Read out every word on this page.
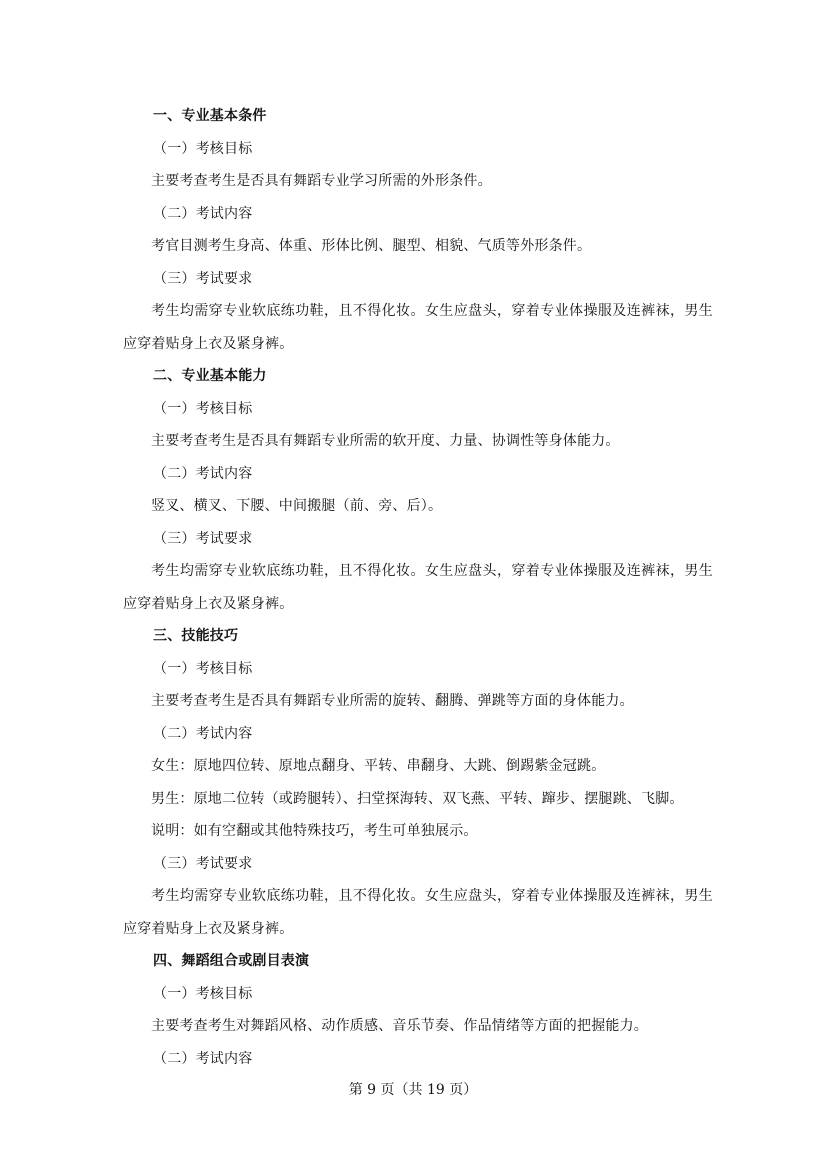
一、专业基本条件
（一）考核目标
主要考查考生是否具有舞蹈专业学习所需的外形条件。
（二）考试内容
考官目测考生身高、体重、形体比例、腿型、相貌、气质等外形条件。
（三）考试要求
考生均需穿专业软底练功鞋，且不得化妆。女生应盘头，穿着专业体操服及连裤袜，男生应穿着贴身上衣及紧身裤。
二、专业基本能力
（一）考核目标
主要考查考生是否具有舞蹈专业所需的软开度、力量、协调性等身体能力。
（二）考试内容
竖叉、横叉、下腰、中间搬腿（前、旁、后）。
（三）考试要求
考生均需穿专业软底练功鞋，且不得化妆。女生应盘头，穿着专业体操服及连裤袜，男生应穿着贴身上衣及紧身裤。
三、技能技巧
（一）考核目标
主要考查考生是否具有舞蹈专业所需的旋转、翻腾、弹跳等方面的身体能力。
（二）考试内容
女生：原地四位转、原地点翻身、平转、串翻身、大跳、倒踢紫金冠跳。
男生：原地二位转（或跨腿转）、扫堂探海转、双飞燕、平转、蹿步、摆腿跳、飞脚。
说明：如有空翻或其他特殊技巧，考生可单独展示。
（三）考试要求
考生均需穿专业软底练功鞋，且不得化妆。女生应盘头，穿着专业体操服及连裤袜，男生应穿着贴身上衣及紧身裤。
四、舞蹈组合或剧目表演
（一）考核目标
主要考查考生对舞蹈风格、动作质感、音乐节奏、作品情绪等方面的把握能力。
（二）考试内容
第 9 页（共 19 页）
